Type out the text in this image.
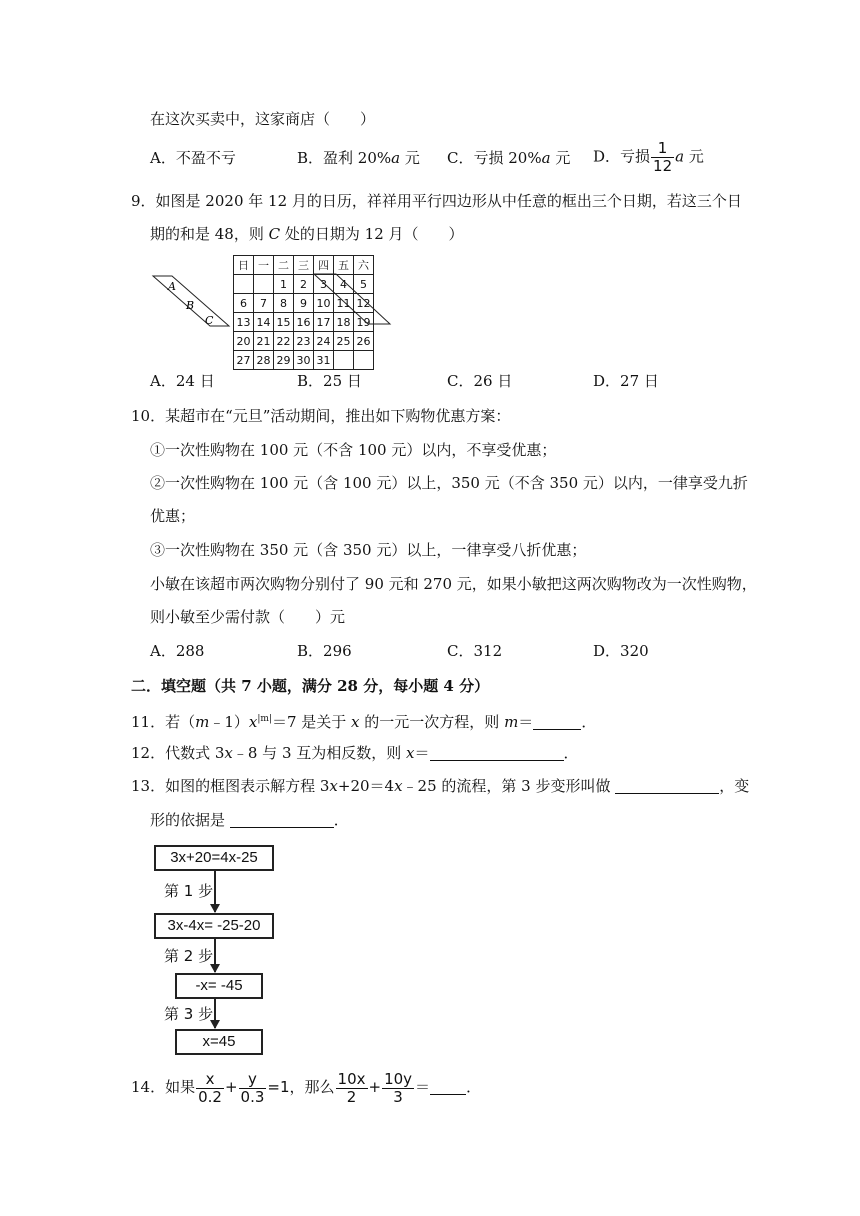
在这次买卖中，这家商店（　　）
A．不盈不亏	B．盈利 20%a 元 C．亏损 20%a 元 D．亏损 $\frac{1}{12}$ a 元
9．如图是 2020 年 12 月的日历，祥祥用平行四边形从中任意的框出三个日期，若这三个日
期的和是 48，则 C 处的日期为 12 月（　　）
A
B
C
日	一	二	三	四	五	六
		1	2	3	4	5
6	7	8	9	10	11	12
13	14	15	16	17	18	19
20	21	22	23	24	25	26
27	28	29	30	31		
A．24 日	B．25 日	C．26 日	D．27 日
10．某超市在“元旦”活动期间，推出如下购物优惠方案：
①一次性购物在 100 元（不含 100 元）以内，不享受优惠；
②一次性购物在 100 元（含 100 元）以上，350 元（不含 350 元）以内，一律享受九折
优惠；
③一次性购物在 350 元（含 350 元）以上，一律享受八折优惠；
小敏在该超市两次购物分别付了 90 元和 270 元，如果小敏把这两次购物改为一次性购物，
则小敏至少需付款（　　）元
A．288	B．296	C．312	D．320
二．填空题（共 7 小题，满分 28 分，每小题 4 分）
11．若$(m﹣1)x^{|m|}=7$ 是关于 x 的一元一次方程，则 m＝	．
12．代数式 3x﹣8 与 3 互为相反数，则 x＝	．
13．如图的框图表示解方程 3x+20＝4x﹣25 的流程，第 3 步变形叫做	，变
形的依据是	．
3x+20=4x-25
第 1 步
3x-4x= -25-20
第 2 步
-x= -45
第 3 步
x=45
14．如果 $\frac{x}{0.2} + \frac{y}{0.3} =1$，那么 $\frac{10x}{2} + \frac{10y}{3}$ ＝ ．
